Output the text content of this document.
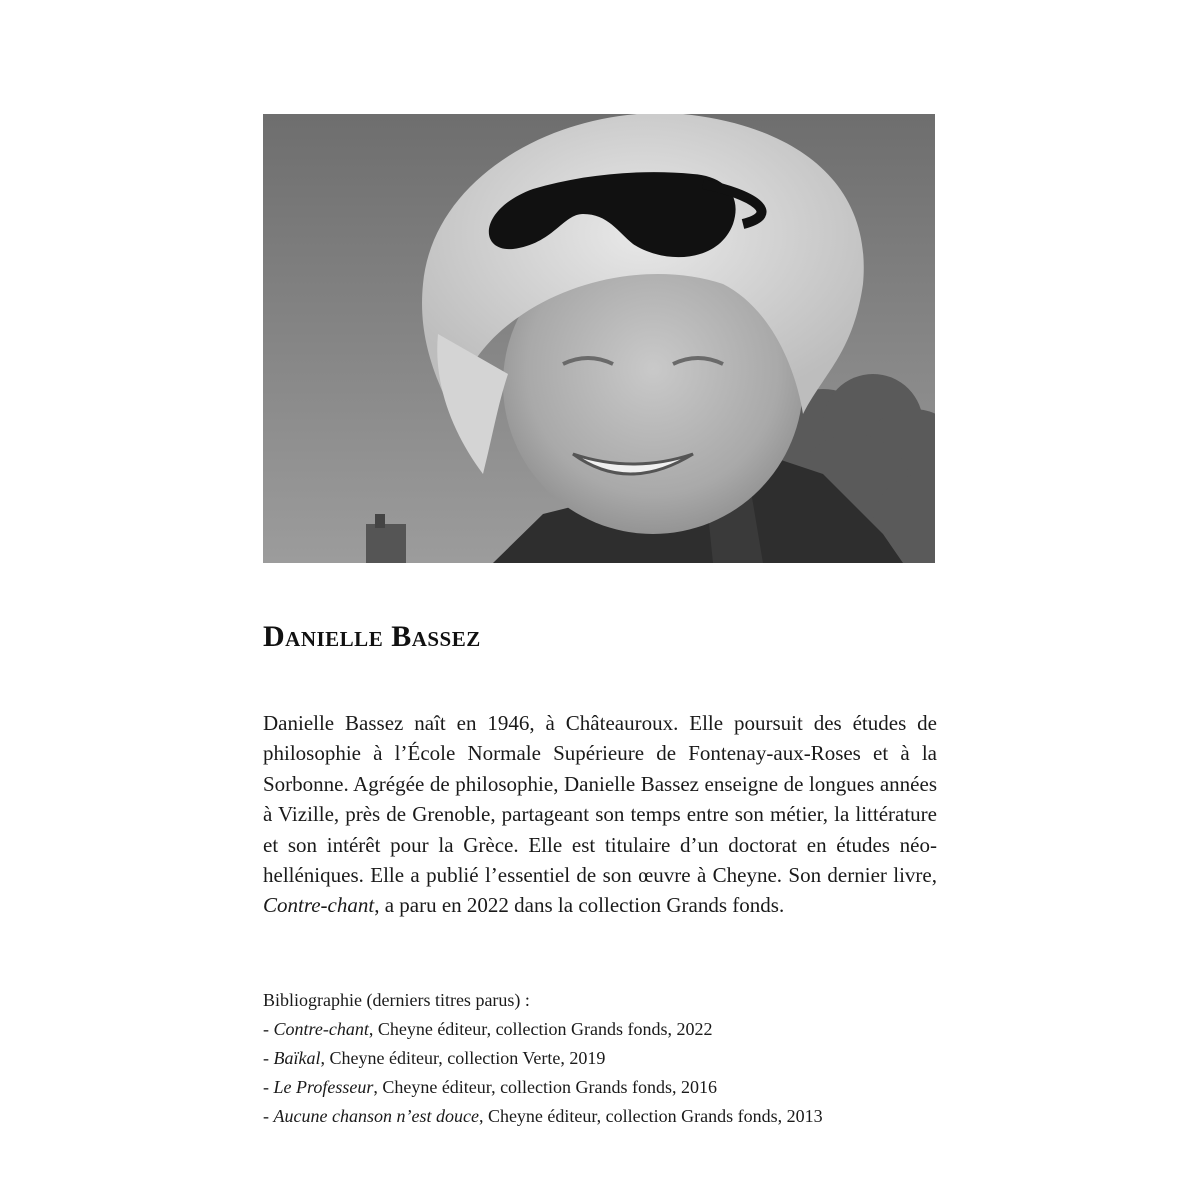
Danielle Bassez

Danielle Bassez naît en 1946, à Châteauroux. Elle poursuit des études de philosophie à l’École Normale Supérieure de Fontenay-aux-Roses et à la Sorbonne. Agrégée de philosophie, Danielle Bassez enseigne de longues années à Vizille, près de Grenoble, partageant son temps entre son métier, la littérature et son intérêt pour la Grèce. Elle est titulaire d’un doctorat en études néo-helléniques. Elle a publié l’essentiel de son œuvre à Cheyne. Son dernier livre, Contre-chant, a paru en 2022 dans la collection Grands fonds.

Bibliographie (derniers titres parus) :
- Contre-chant, Cheyne éditeur, collection Grands fonds, 2022
- Baïkal, Cheyne éditeur, collection Verte, 2019
- Le Professeur, Cheyne éditeur, collection Grands fonds, 2016
- Aucune chanson n’est douce, Cheyne éditeur, collection Grands fonds, 2013
